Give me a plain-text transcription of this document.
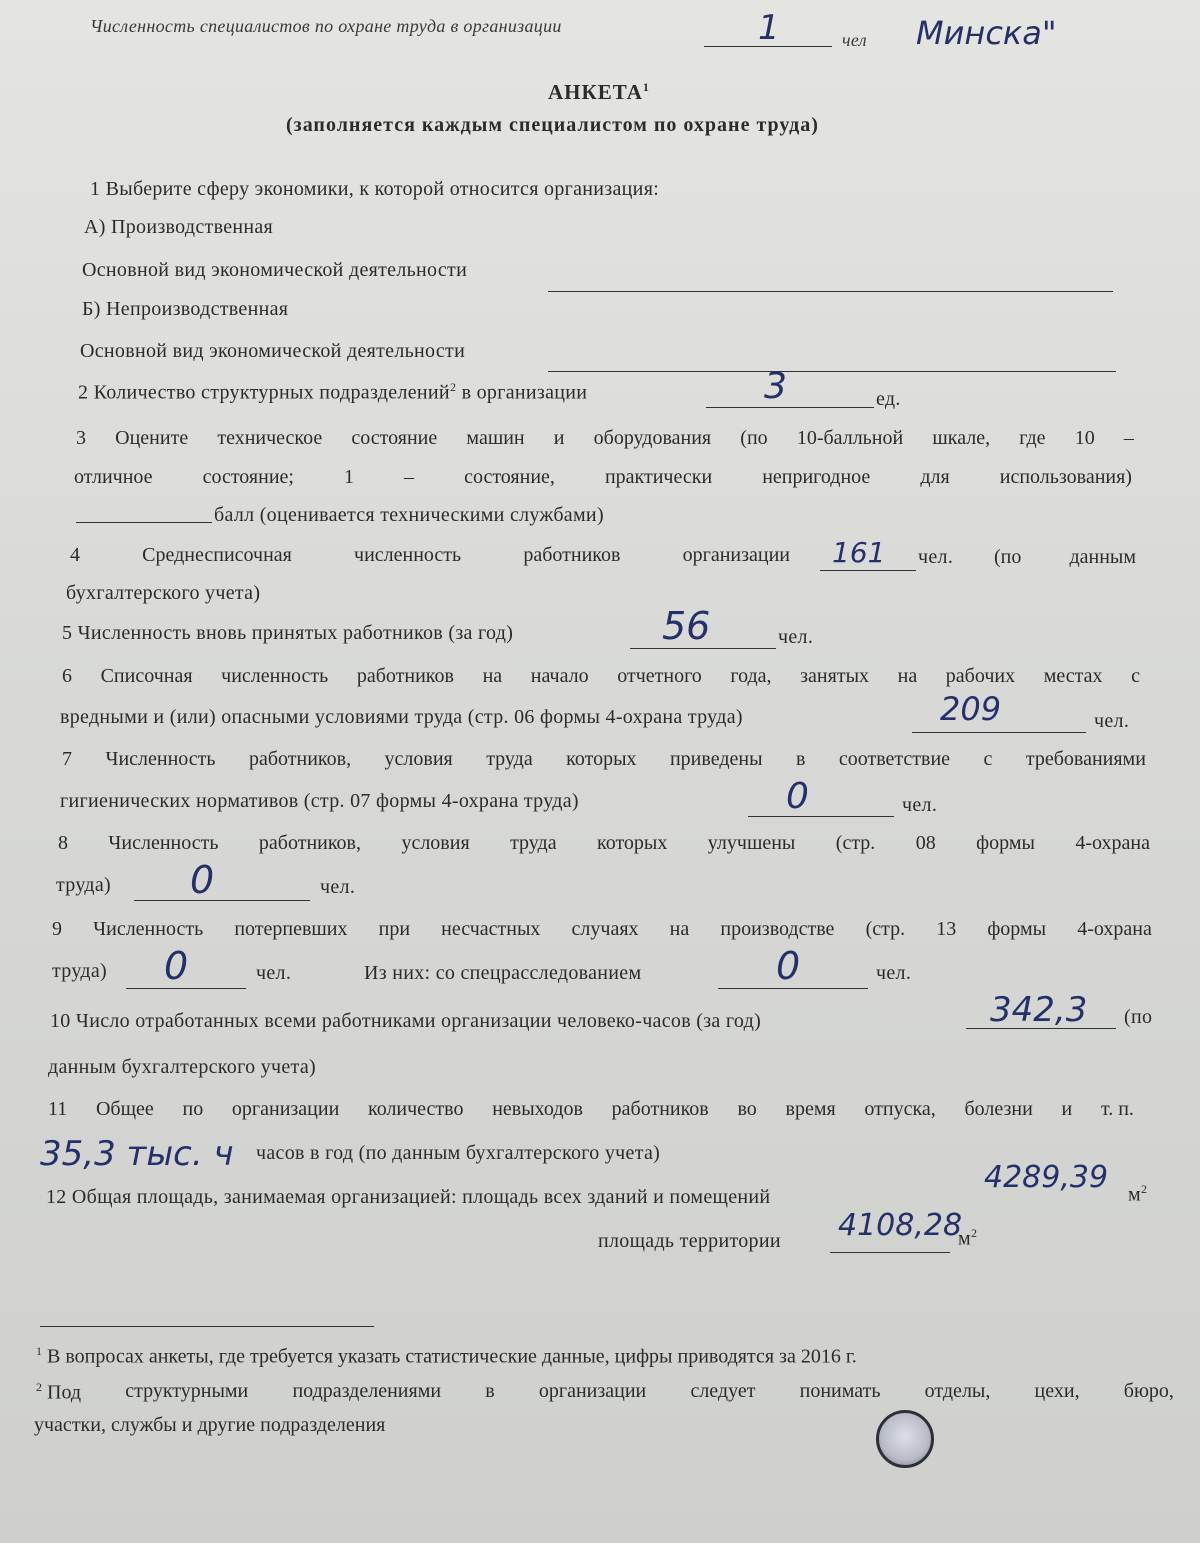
Численность специалистов по охране труда в организации	1	чел Минска"
АНКЕТА$^1$
(заполняется каждым специалистом по охране труда)
1 Выберите сферу экономики, к которой относится организация:
А) Производственная
Основной вид экономической деятельности
Б) Непроизводственная
Основной вид экономической деятельности
2 Количество структурных подразделений$^2$ в организации	3	ед.
3 Оцените техническое состояние машин и оборудования (по 10-балльной шкале, где 10 –
отличное	состояние;	1	–	состояние,	практически	непригодное	для	использования)
балл (оценивается техническими службами)
4	Среднесписочная	численность	работников	организации 161 чел. (по данным
бухгалтерского учета)
5 Численность вновь принятых работников (за год)	56	чел.
6 Списочная численность работников на начало отчетного года, занятых на рабочих местах с
вредными и (или) опасными условиями труда (стр. 06 формы 4-охрана труда)	209	чел.
7 Численность работников, условия труда которых приведены в соответствие с требованиями
гигиенических нормативов (стр. 07 формы 4-охрана труда)	0	чел.
8 Численность работников, условия труда которых улучшены (стр. 08 формы 4-охрана
труда) 0	чел.
9 Численность потерпевших при несчастных случаях на производстве (стр. 13 формы 4-охрана
труда) 0	чел.	Из них: со спецрасследованием	0	чел.
10 Число отработанных всеми работниками организации человеко-часов (за год)	342,3 (по
данным бухгалтерского учета)
11 Общее по организации количество невыходов работников во время отпуска, болезни и т. п.
35,3 тыс. ч часов в год (по данным бухгалтерского учета)
12 Общая площадь, занимаемая организацией: площадь всех зданий и помещений
4289,39 $м^2$
площадь территории 4108,28
$м^2$
$^1$ В вопросах анкеты, где требуется указать статистические данные, цифры приводятся за 2016 г.
$^2$ Под структурными подразделениями в организации следует понимать отделы, цехи, бюро,
участки, службы и другие подразделения
